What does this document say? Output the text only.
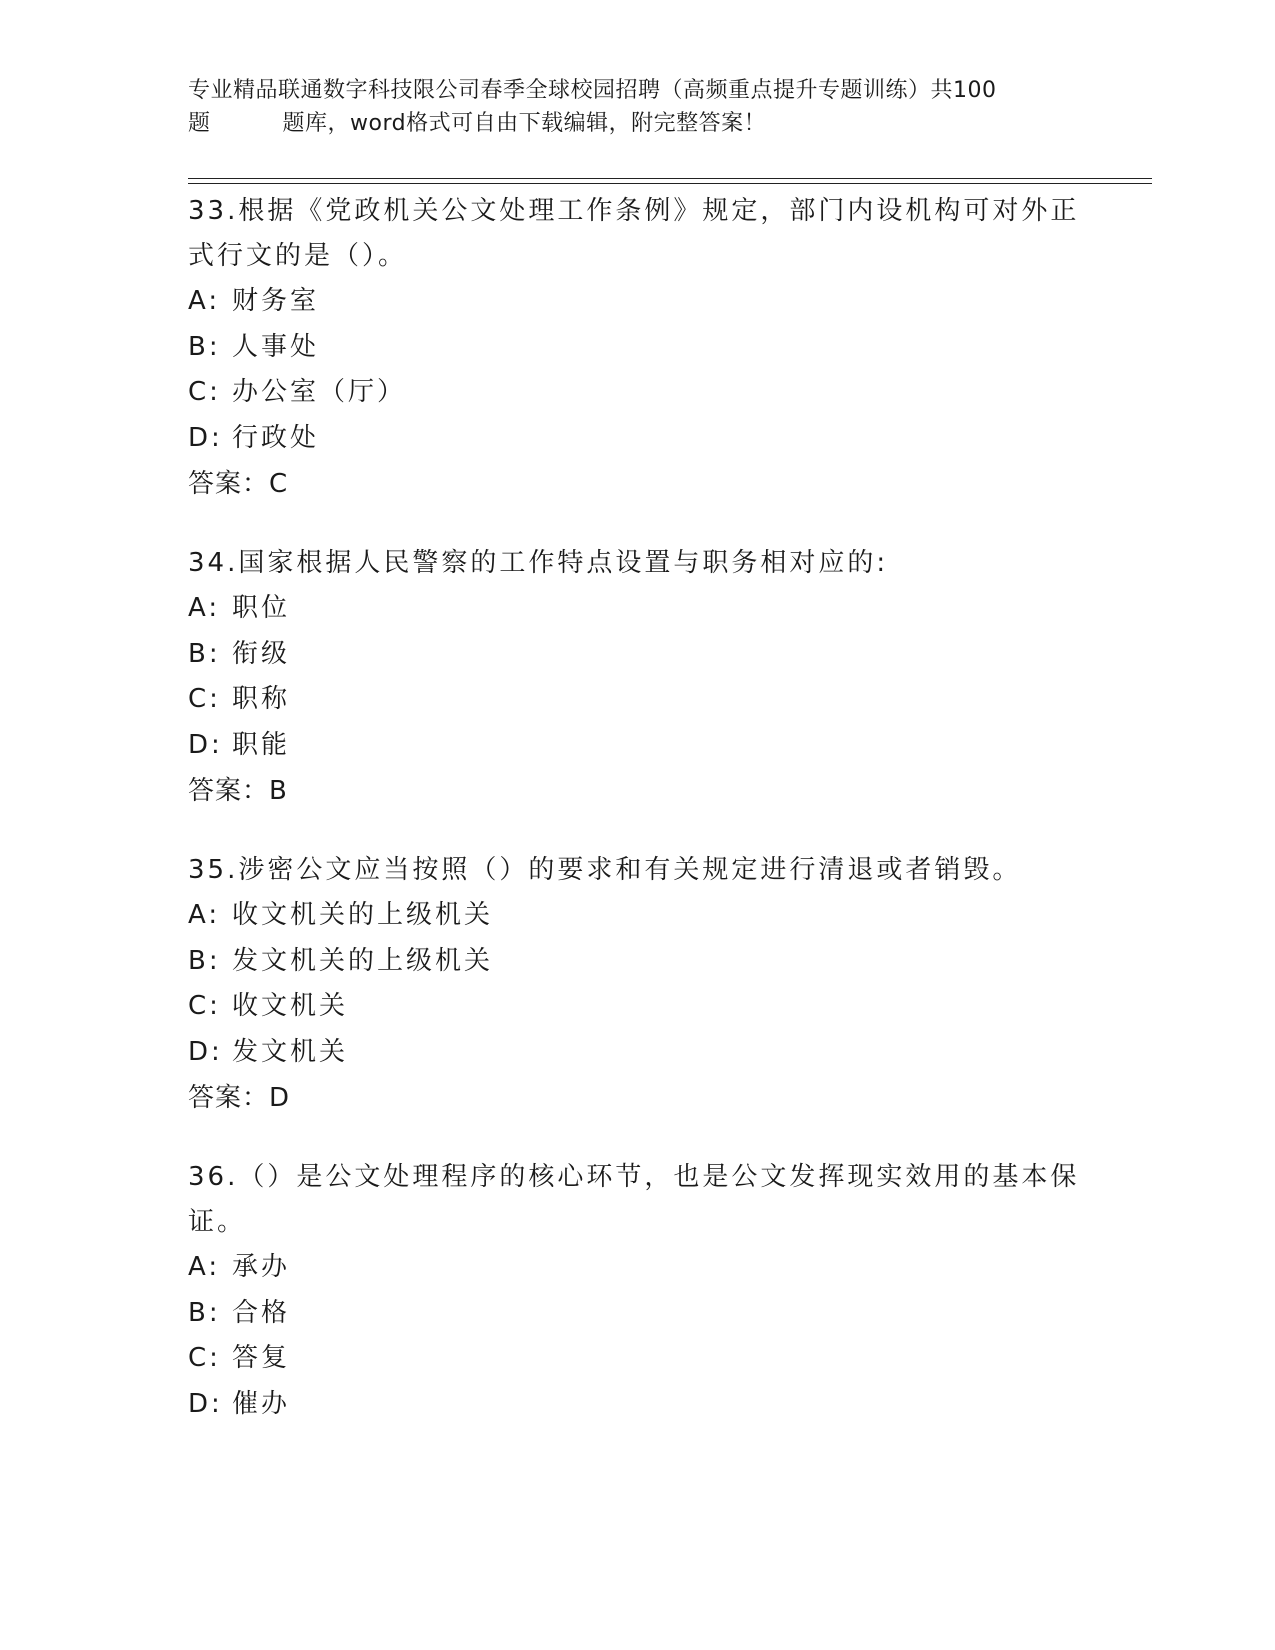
专业精品联通数字科技限公司春季全球校园招聘（高频重点提升专题训练）共100
题	题库，word格式可自由下载编辑，附完整答案！
33.根据《党政机关公文处理工作条例》规定，部门内设机构可对外正式行文的是（）。
A: 财务室
B: 人事处
C: 办公室（厅）
D: 行政处
答案：C
34.国家根据人民警察的工作特点设置与职务相对应的:
A: 职位
B: 衔级
C: 职称
D: 职能
答案：B
35.涉密公文应当按照（）的要求和有关规定进行清退或者销毁。
A: 收文机关的上级机关
B: 发文机关的上级机关
C: 收文机关
D: 发文机关
答案：D
36.（）是公文处理程序的核心环节，也是公文发挥现实效用的基本保证。
A: 承办
B: 合格
C: 答复
D: 催办
